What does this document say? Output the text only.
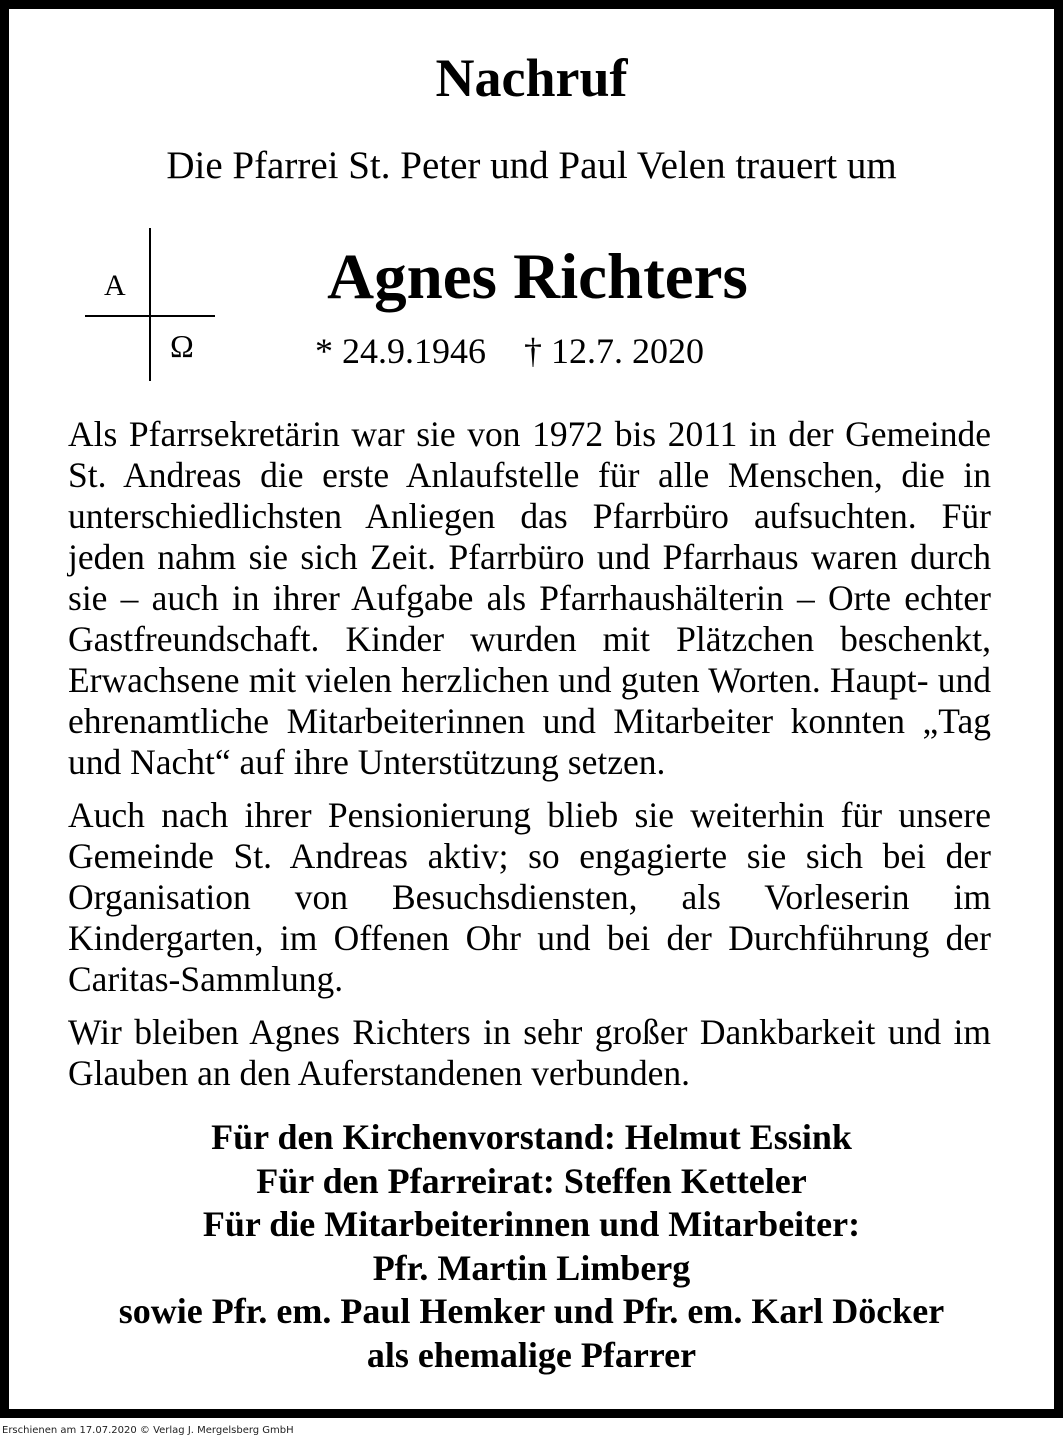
Nachruf
Die Pfarrei St. Peter und Paul Velen trauert um
A
Ω
Agnes Richters
* 24.9.1946 † 12.7. 2020

Als Pfarrsekretärin war sie von 1972 bis 2011 in der Gemeinde St. Andreas die erste Anlaufstelle für alle Menschen, die in unterschiedlichsten Anliegen das Pfarrbüro aufsuchten. Für jeden nahm sie sich Zeit. Pfarrbüro und Pfarrhaus waren durch sie – auch in ihrer Aufgabe als Pfarrhaushälterin – Orte echter Gastfreundschaft. Kinder wurden mit Plätzchen beschenkt, Erwachsene mit vielen herzlichen und guten Worten. Haupt- und ehrenamtliche Mitarbeiterinnen und Mitarbeiter konnten „Tag und Nacht“ auf ihre Unterstützung setzen.

Auch nach ihrer Pensionierung blieb sie weiterhin für unsere Gemeinde St. Andreas aktiv; so engagierte sie sich bei der Organisation von Besuchsdiensten, als Vorleserin im Kindergarten, im Offenen Ohr und bei der Durchführung der Caritas-Sammlung.

Wir bleiben Agnes Richters in sehr großer Dankbarkeit und im Glauben an den Auferstandenen verbunden.

Für den Kirchenvorstand: Helmut Essink
Für den Pfarreirat: Steffen Ketteler
Für die Mitarbeiterinnen und Mitarbeiter:
Pfr. Martin Limberg
sowie Pfr. em. Paul Hemker und Pfr. em. Karl Döcker
als ehemalige Pfarrer
Erschienen am 17.07.2020 © Verlag J. Mergelsberg GmbH
